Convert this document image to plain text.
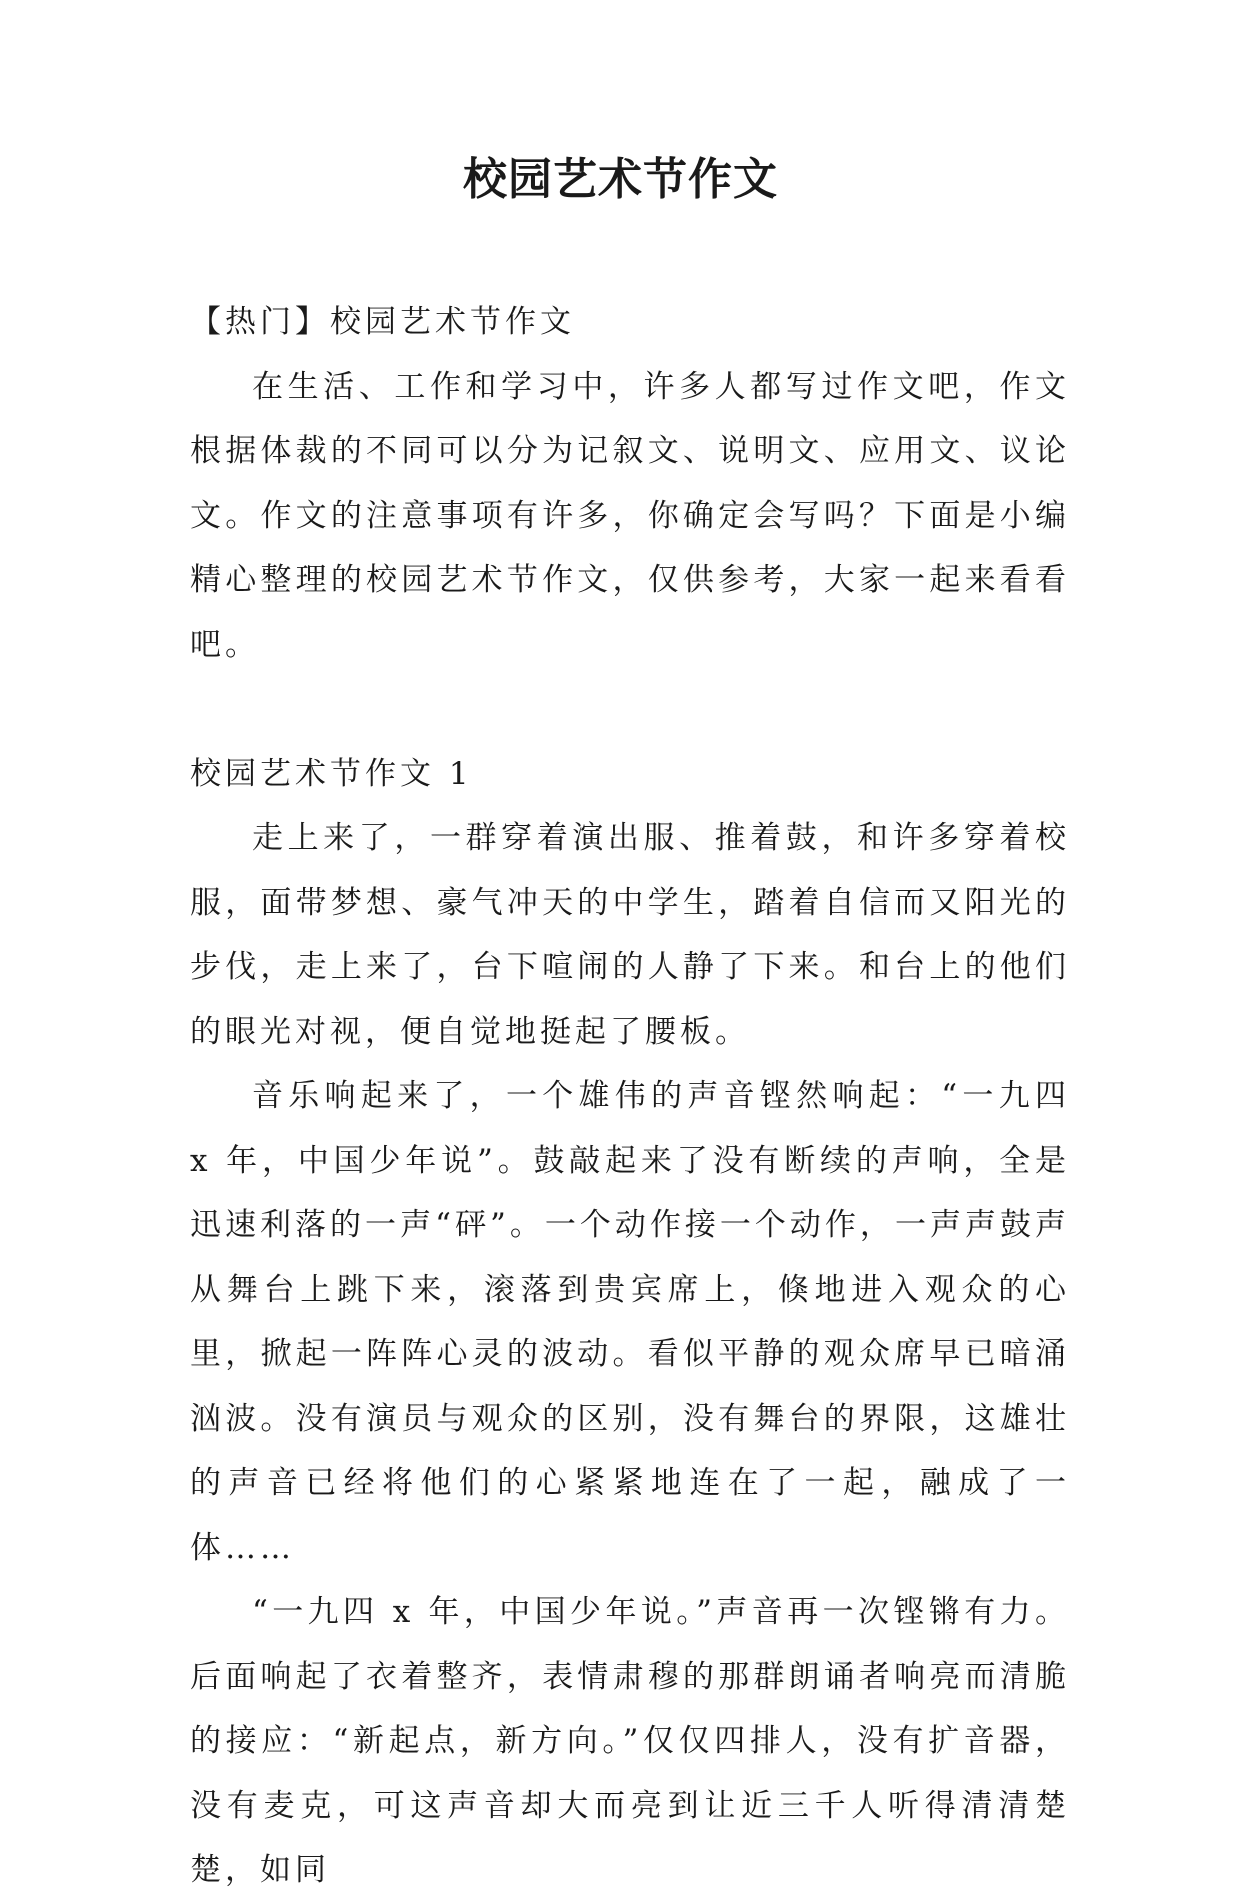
校园艺术节作文

【热门】校园艺术节作文

在生活、工作和学习中，许多人都写过作文吧，作文根据体裁的不同可以分为记叙文、说明文、应用文、议论文。作文的注意事项有许多，你确定会写吗？下面是小编精心整理的校园艺术节作文，仅供参考，大家一起来看看吧。

校园艺术节作文 1

走上来了，一群穿着演出服、推着鼓，和许多穿着校服，面带梦想、豪气冲天的中学生，踏着自信而又阳光的步伐，走上来了，台下喧闹的人静了下来。和台上的他们的眼光对视，便自觉地挺起了腰板。

音乐响起来了，一个雄伟的声音铿然响起：“一九四 x 年，中国少年说”。鼓敲起来了没有断续的声响，全是迅速利落的一声“砰”。一个动作接一个动作，一声声鼓声从舞台上跳下来，滚落到贵宾席上，倏地进入观众的心里，掀起一阵阵心灵的波动。看似平静的观众席早已暗涌汹波。没有演员与观众的区别，没有舞台的界限，这雄壮的声音已经将他们的心紧紧地连在了一起，融成了一体……

“一九四 x 年，中国少年说。”声音再一次铿锵有力。后面响起了衣着整齐，表情肃穆的那群朗诵者响亮而清脆的接应：“新起点，新方向。”仅仅四排人，没有扩音器，没有麦克，可这声音却大而亮到让近三千人听得清清楚楚，如同
